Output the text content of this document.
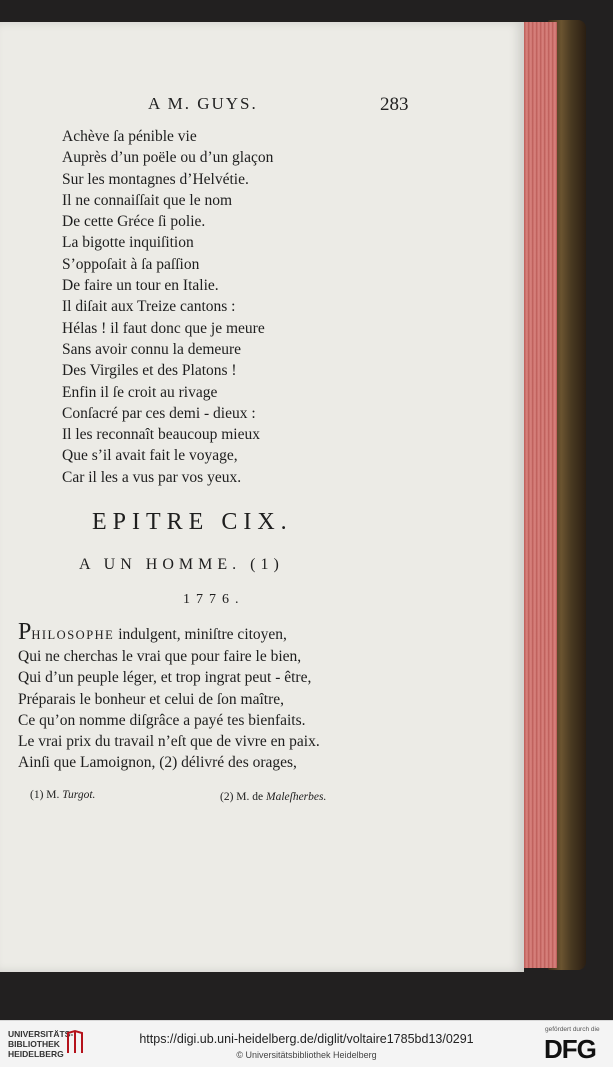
A M. GUYS.	283
Achève ſa pénible vie
Auprès d’un poële ou d’un glaçon
Sur les montagnes d’Helvétie.
Il ne connaiſſait que le nom
De cette Gréce ſi polie.
La bigotte inquiſition
S’oppoſait à ſa paſſion
De faire un tour en Italie.
Il diſait aux Treize cantons :
Hélas ! il faut donc que je meure
Sans avoir connu la demeure
Des Virgiles et des Platons !
Enfin il ſe croit au rivage
Conſacré par ces demi - dieux :
Il les reconnaît beaucoup mieux
Que s’il avait fait le voyage,
Car il les a vus par vos yeux.
EPITRE CIX.
A UN HOMME. (1)
1776.
PHILOSOPHE indulgent, miniſtre citoyen,
Qui ne cherchas le vrai que pour faire le bien,
Qui d’un peuple léger, et trop ingrat peut - être,
Préparais le bonheur et celui de ſon maître,
Ce qu’on nomme diſgrâce a payé tes bienfaits.
Le vrai prix du travail n’eſt que de vivre en paix.
Ainſi que Lamoignon, (2) délivré des orages,
(1) M. Turgot.	(2) M. de Maleſherbes.
UNIVERSITÄTS-
BIBLIOTHEK
HEIDELBERG
https://digi.ub.uni-heidelberg.de/diglit/voltaire1785bd13/0291
© Universitätsbibliothek Heidelberg
gefördert durch die
DFG
